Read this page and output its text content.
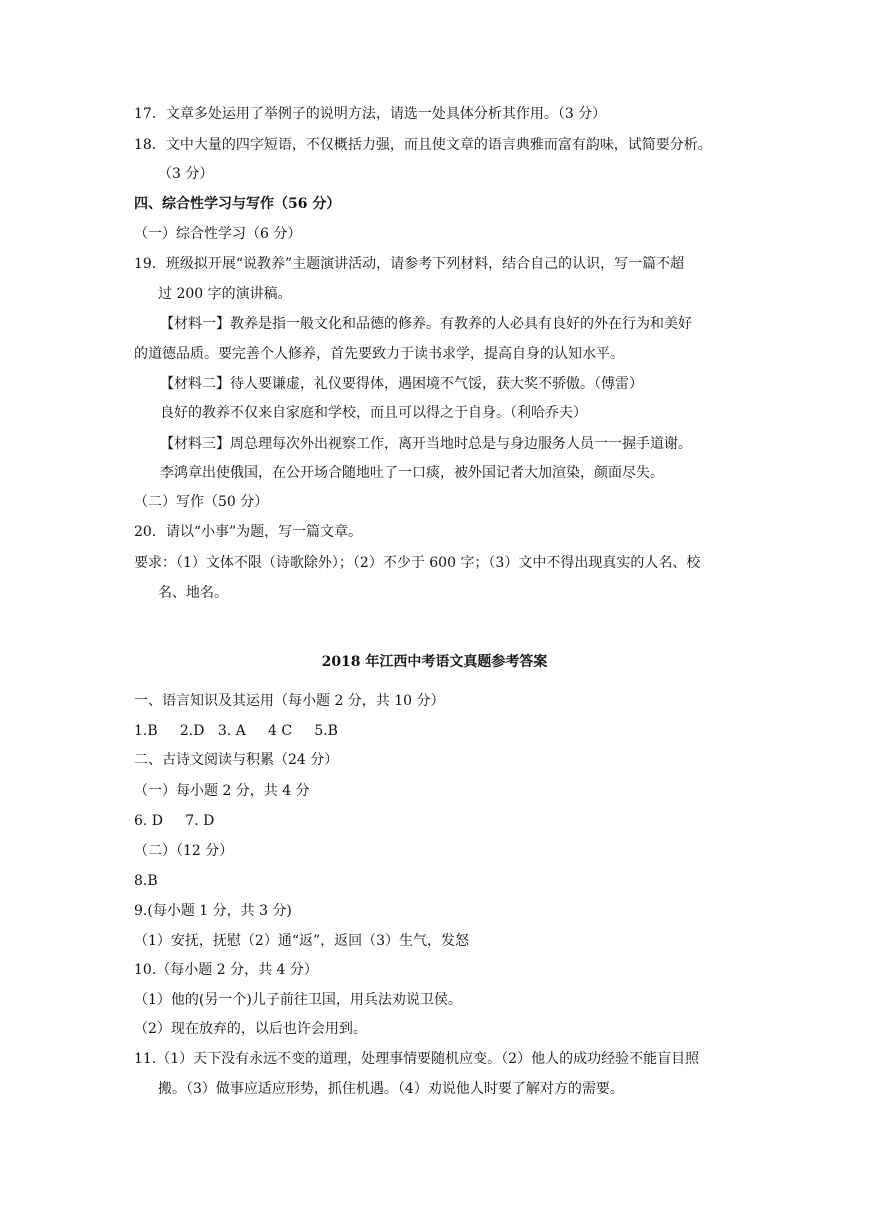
17．文章多处运用了举例子的说明方法，请选一处具体分析其作用。（3 分）
18．文中大量的四字短语，不仅概括力强，而且使文章的语言典雅而富有韵味，试简要分析。
（3 分）
四、综合性学习与写作（56 分）
（一）综合性学习（6 分）
19．班级拟开展“说教养”主题演讲活动，请参考下列材料，结合自己的认识，写一篇不超
过 200 字的演讲稿。
【材料一】教养是指一般文化和品德的修养。有教养的人必具有良好的外在行为和美好
的道德品质。要完善个人修养，首先要致力于读书求学，提高自身的认知水平。
【材料二】待人要谦虚，礼仪要得体，遇困境不气馁，获大奖不骄傲。（傅雷）
良好的教养不仅来自家庭和学校，而且可以得之于自身。（利哈乔夫）
【材料三】周总理每次外出视察工作，离开当地时总是与身边服务人员一一握手道谢。
李鸿章出使俄国，在公开场合随地吐了一口痰，被外国记者大加渲染，颜面尽失。
（二）写作（50 分）
20．请以“小事”为题，写一篇文章。
要求：（1）文体不限（诗歌除外）；（2）不少于 600 字；（3）文中不得出现真实的人名、校
名、地名。
2018 年江西中考语文真题参考答案
一、语言知识及其运用（每小题 2 分，共 10 分）
1.B     2.D   3. A     4 C     5.B
二、古诗文阅读与积累（24 分）
（一）每小题 2 分，共 4 分
6. D     7. D
（二）（12 分）
8.B
9.(每小题 1 分，共 3 分)
（1）安抚，抚慰（2）通“返”，返回（3）生气，发怒
10.（每小题 2 分，共 4 分）
（1）他的(另一个)儿子前往卫国，用兵法劝说卫侯。
（2）现在放弃的，以后也许会用到。
11.（1）天下没有永远不变的道理，处理事情要随机应变。（2）他人的成功经验不能盲目照
搬。（3）做事应适应形势，抓住机遇。（4）劝说他人时要了解对方的需要。
